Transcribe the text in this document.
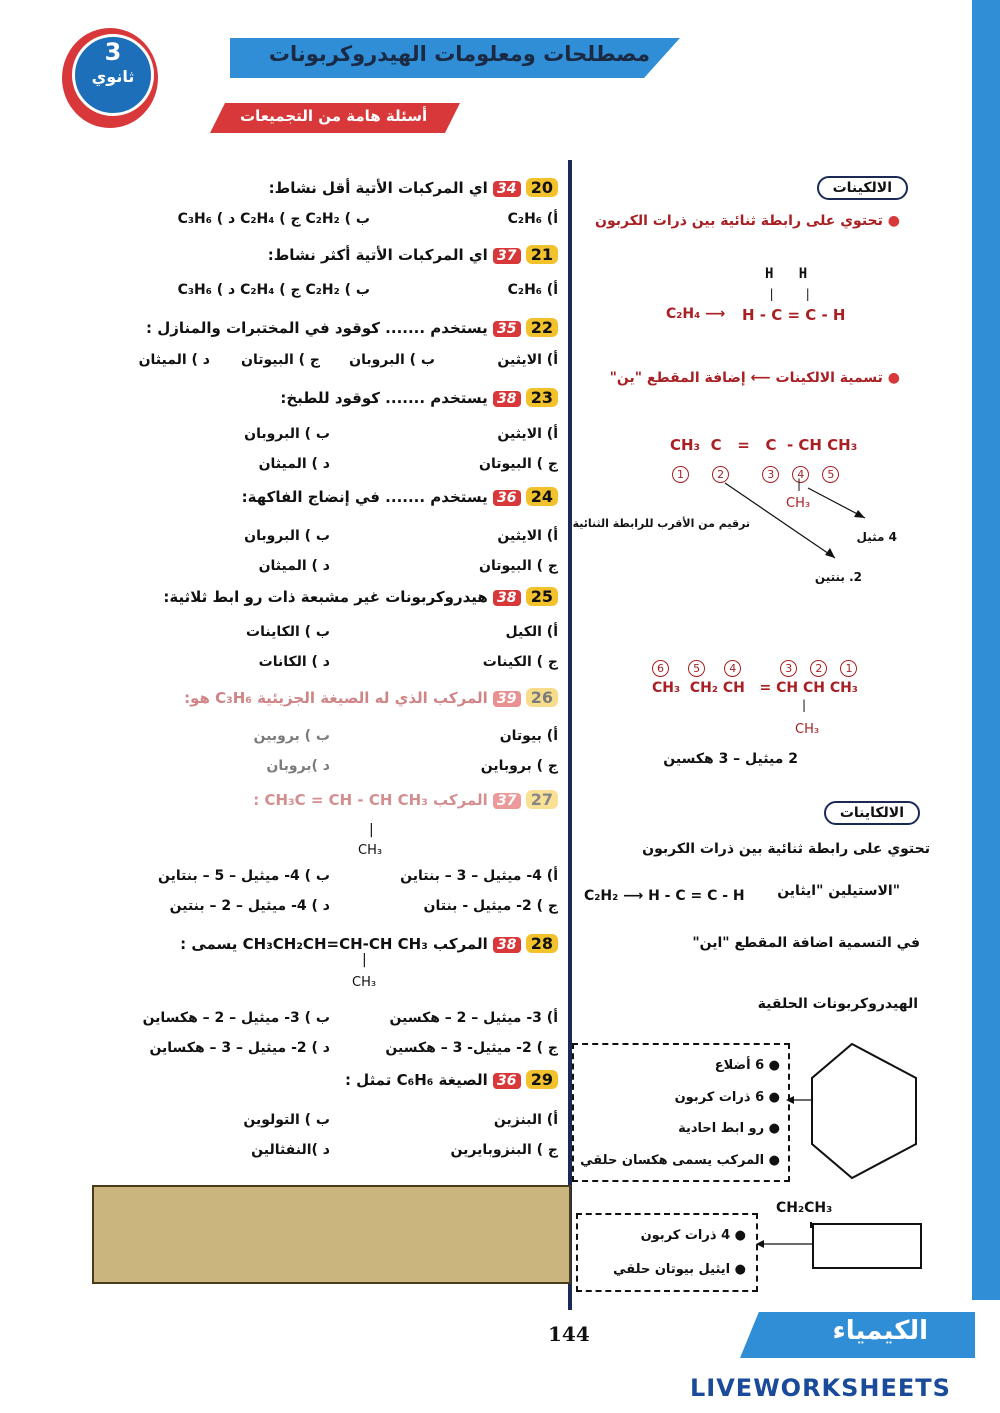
مصطلحات ومعلومات الهيدروكربونات
3
ثانوي
أسئلة هامة من التجميعات
20 34 اي المركبات الأتية أقل نشاط:
أ) C₂H₆
ب ) C₂H₂ ج ) C₂H₄ د ) C₃H₆
21 37 اي المركبات الأتية أكثر نشاط:
أ) C₂H₆
ب ) C₂H₂ ج ) C₂H₄ د ) C₃H₆
22 35 يستخدم ....... كوقود في المختبرات والمنازل :
أ) الايثين
ب ) البروبان
ج ) البيوتان
د ) الميثان
23 38 يستخدم ....... كوقود للطبخ:
أ) الايثين
ب ) البروبان
ج ) البيوتان
د ) الميثان
24 36 يستخدم ....... في إنضاج الفاكهة:
أ) الايثين
ب ) البروبان
ج ) البيوتان
د ) الميثان
25 38 هيدروكربونات غير مشبعة ذات رو ابط ثلاثية:
أ) الكيل
ب ) الكاينات
ج ) الكينات
د ) الكانات
26 39 المركب الذي له الصيغة الجزيئية C₃H₆ هو:
أ) بيوتان
ب ) بروبين
ج ) بروباين
د )بروبان
27 37 المركب CH₃C = CH - CH CH₃ :
|
CH₃
أ) 4- ميثيل – 3 – بنتاين
ب ) 4- ميثيل – 5 – بنتاين
ج ) 2- ميثيل - بنتان
د ) 4- ميثيل – 2 – بنتين
28 38 المركب CH₃CH₂CH=CH-CH CH₃ يسمى :
|
CH₃
أ) 3- ميثيل – 2 – هكسين
ب ) 3- ميثيل – 2 – هكساين
ج ) 2- ميثيل- 3 – هكسين
د ) 2- ميثيل – 3 – هكساين
29 36 الصيغة C₆H₆ تمثل :
أ) البنزين
ب ) التولوين
ج ) البنزوبايرين
د )النفثالين
الالكينات
● تحتوي على رابطة ثنائية بين ذرات الكربون
H   H
|    |
C₂H₄ ⟶ H - C = C - H
● تسمية الالكينات ⟵ إضافة المقطع "ين"
CH₃  C   =   C  - CH CH₃
1	2	3 4 5
|
CH₃
ترقيم من الأقرب للرابطة الثنائية
4 مثيل
2. بنتين
6	5	4	3 2 1
CH₃  CH₂ CH   = CH CH CH₃
|
CH₃
2 ميثيل – 3 هكسين
الالكاينات
تحتوي على رابطة ثنائية بين ذرات الكربون
"الاستيلين "ايثاين
C₂H₂ ⟶ H - C = C - H
في التسمية اضافة المقطع "اين"
الهيدروكربونات الحلقية
● 6 أضلاع
● 6 ذرات كربون
● رو ابط احادية
● المركب يسمى هكسان حلقي
CH₂CH₃
● 4 ذرات كربون
● ايثيل بيوتان حلقي
144	الكيمياء
LIVEWORKSHEETS
